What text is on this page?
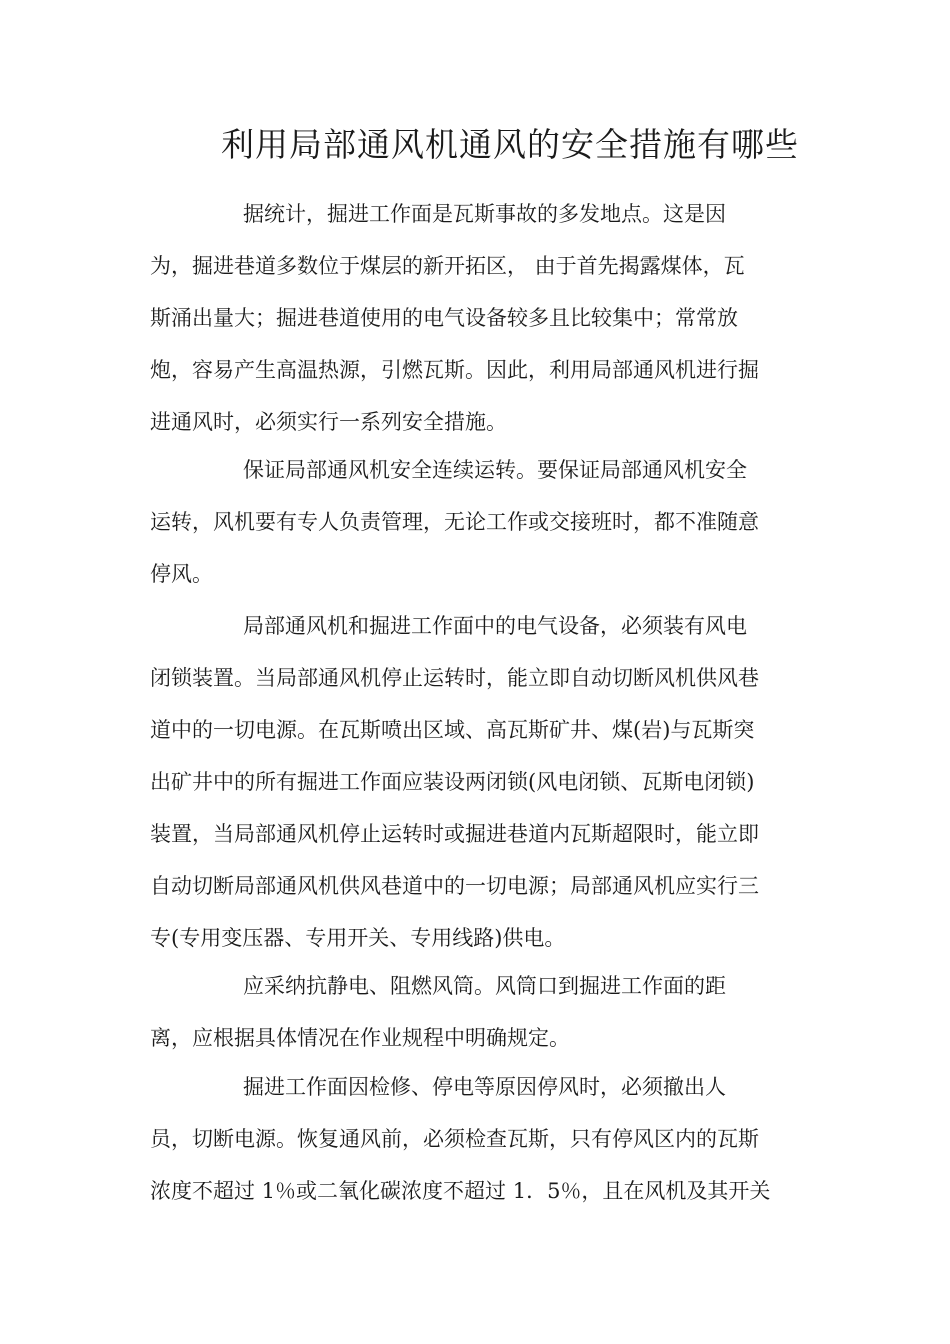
利用局部通风机通风的安全措施有哪些
据统计，掘进工作面是瓦斯事故的多发地点。这是因
为，掘进巷道多数位于煤层的新开拓区， 由于首先揭露煤体，瓦
斯涌出量大；掘进巷道使用的电气设备较多且比较集中；常常放
炮，容易产生高温热源，引燃瓦斯。因此，利用局部通风机进行掘
进通风时，必须实行一系列安全措施。
保证局部通风机安全连续运转。要保证局部通风机安全
运转，风机要有专人负责管理，无论工作或交接班时，都不准随意
停风。
局部通风机和掘进工作面中的电气设备，必须装有风电
闭锁装置。当局部通风机停止运转时，能立即自动切断风机供风巷
道中的一切电源。在瓦斯喷出区域、高瓦斯矿井、煤(岩)与瓦斯突
出矿井中的所有掘进工作面应装设两闭锁(风电闭锁、瓦斯电闭锁)
装置，当局部通风机停止运转时或掘进巷道内瓦斯超限时，能立即
自动切断局部通风机供风巷道中的一切电源；局部通风机应实行三
专(专用变压器、专用开关、专用线路)供电。
应采纳抗静电、阻燃风筒。风筒口到掘进工作面的距
离，应根据具体情况在作业规程中明确规定。
掘进工作面因检修、停电等原因停风时，必须撤出人
员，切断电源。恢复通风前，必须检查瓦斯，只有停风区内的瓦斯
浓度不超过 1％或二氧化碳浓度不超过 1．5％，且在风机及其开关
